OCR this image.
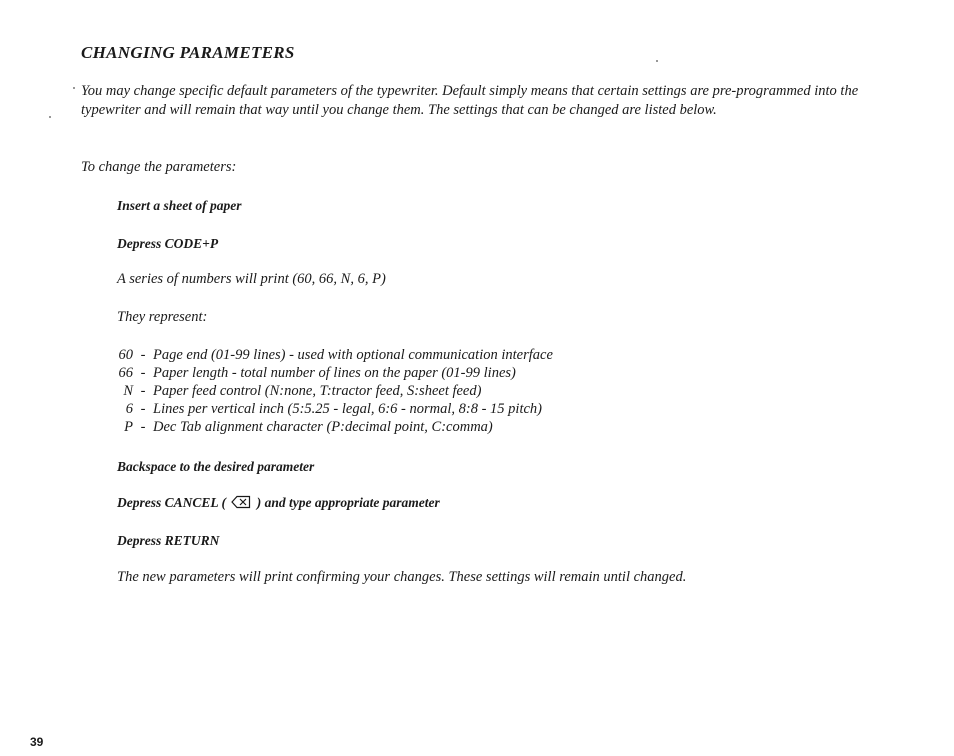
CHANGING PARAMETERS
You may change specific default parameters of the typewriter. Default simply means that certain settings are pre-programmed into the typewriter and will remain that way until you change them. The settings that can be changed are listed below.
To change the parameters:
Insert a sheet of paper
Depress CODE+P
A series of numbers will print (60, 66, N, 6, P)
They represent:
60 - Page end (01-99 lines) - used with optional communication interface
66 - Paper length - total number of lines on the paper (01-99 lines)
N - Paper feed control (N:none, T:tractor feed, S:sheet feed)
6 - Lines per vertical inch (5:5.25 - legal, 6:6 - normal, 8:8 - 15 pitch)
P - Dec Tab alignment character (P:decimal point, C:comma)
Backspace to the desired parameter
Depress CANCEL ( ) and type appropriate parameter
Depress RETURN
The new parameters will print confirming your changes. These settings will remain until changed.
39
